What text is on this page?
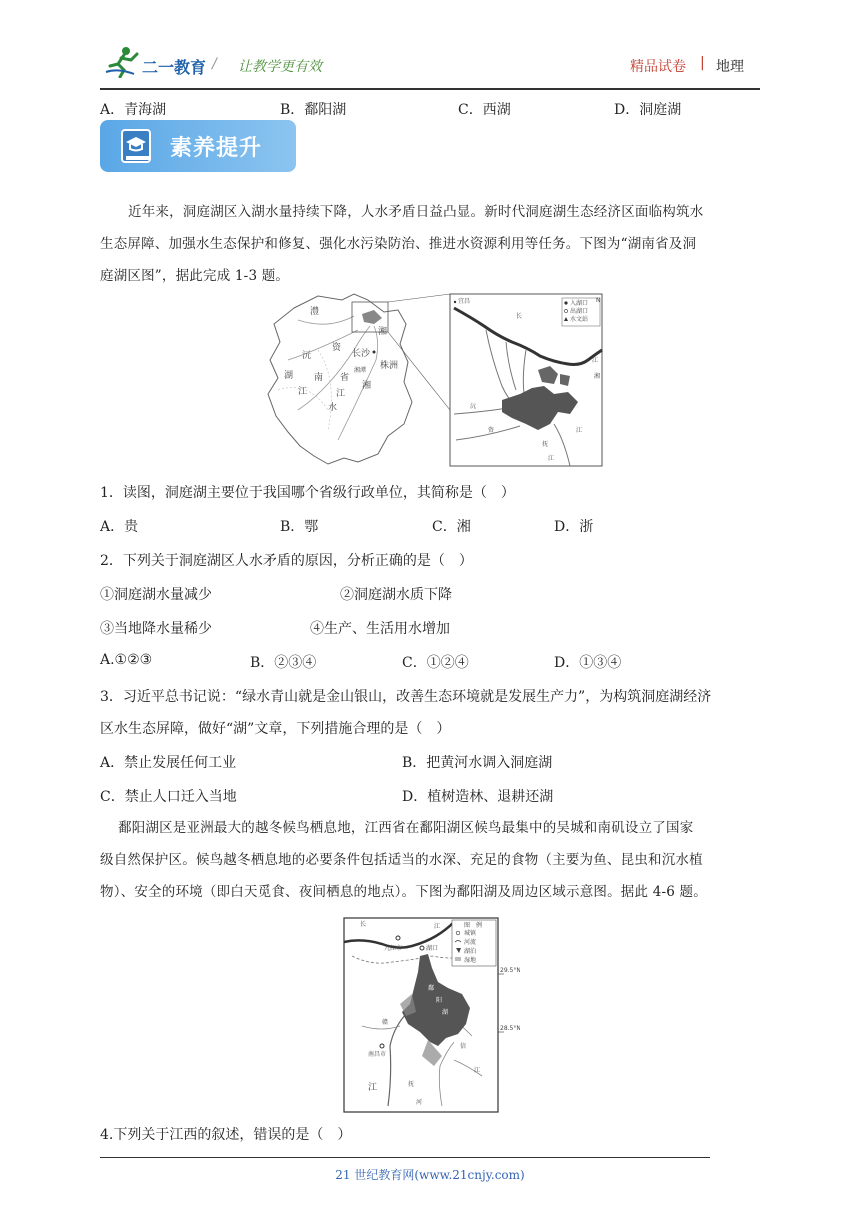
二一教育 / 让教学更有效	精品试卷 | 地理
A．青海湖	B．鄱阳湖	C．西湖	D．洞庭湖
素养提升
近年来，洞庭湖区入湖水量持续下降，人水矛盾日益凸显。新时代洞庭湖生态经济区面临构筑水
生态屏障、加强水生态保护和修复、强化水污染防治、推进水资源利用等任务。下图为“湖南省及洞
庭湖区图”，据此完成 1-3 题。
澧
沅
资
湘
湖 南 省
江	江
水
长沙
湘潭 株洲
湘
入湖口
出湖口
水文站
N
宜昌
长
江
沅
资
湘
江
江
抚
1．读图，洞庭湖主要位于我国哪个省级行政单位，其简称是（　）
A．贵	B．鄂	C．湘	D．浙
2．下列关于洞庭湖区人水矛盾的原因，分析正确的是（　）
①洞庭湖水量减少	②洞庭湖水质下降
③当地降水量稀少	④生产、生活用水增加
A.①②③	B．②③④	C．①②④	D．①③④
3．习近平总书记说：“绿水青山就是金山银山，改善生态环境就是发展生产力”，为构筑洞庭湖经济
区水生态屏障，做好“湖”文章，下列措施合理的是（　）
A．禁止发展任何工业	B．把黄河水调入洞庭湖
C．禁止人口迁入当地	D．植树造林、退耕还湖
鄱阳湖区是亚洲最大的越冬候鸟栖息地，江西省在鄱阳湖区候鸟最集中的吴城和南矶设立了国家
级自然保护区。候鸟越冬栖息地的必要条件包括适当的水深、充足的食物（主要为鱼、昆虫和沉水植
物）、安全的环境（即白天觅食、夜间栖息的地点）。下图为鄱阳湖及周边区域示意图。据此 4-6 题。
图　例
城镇
河流
湖泊
湿地
29.5°N
28.5°N
长	江
九江市	湖口
赣
南昌市
信
江
抚
河
江
鄱
阳
湖
4.下列关于江西的叙述，错误的是（　）
21 世纪教育网(www.21cnjy.com)
